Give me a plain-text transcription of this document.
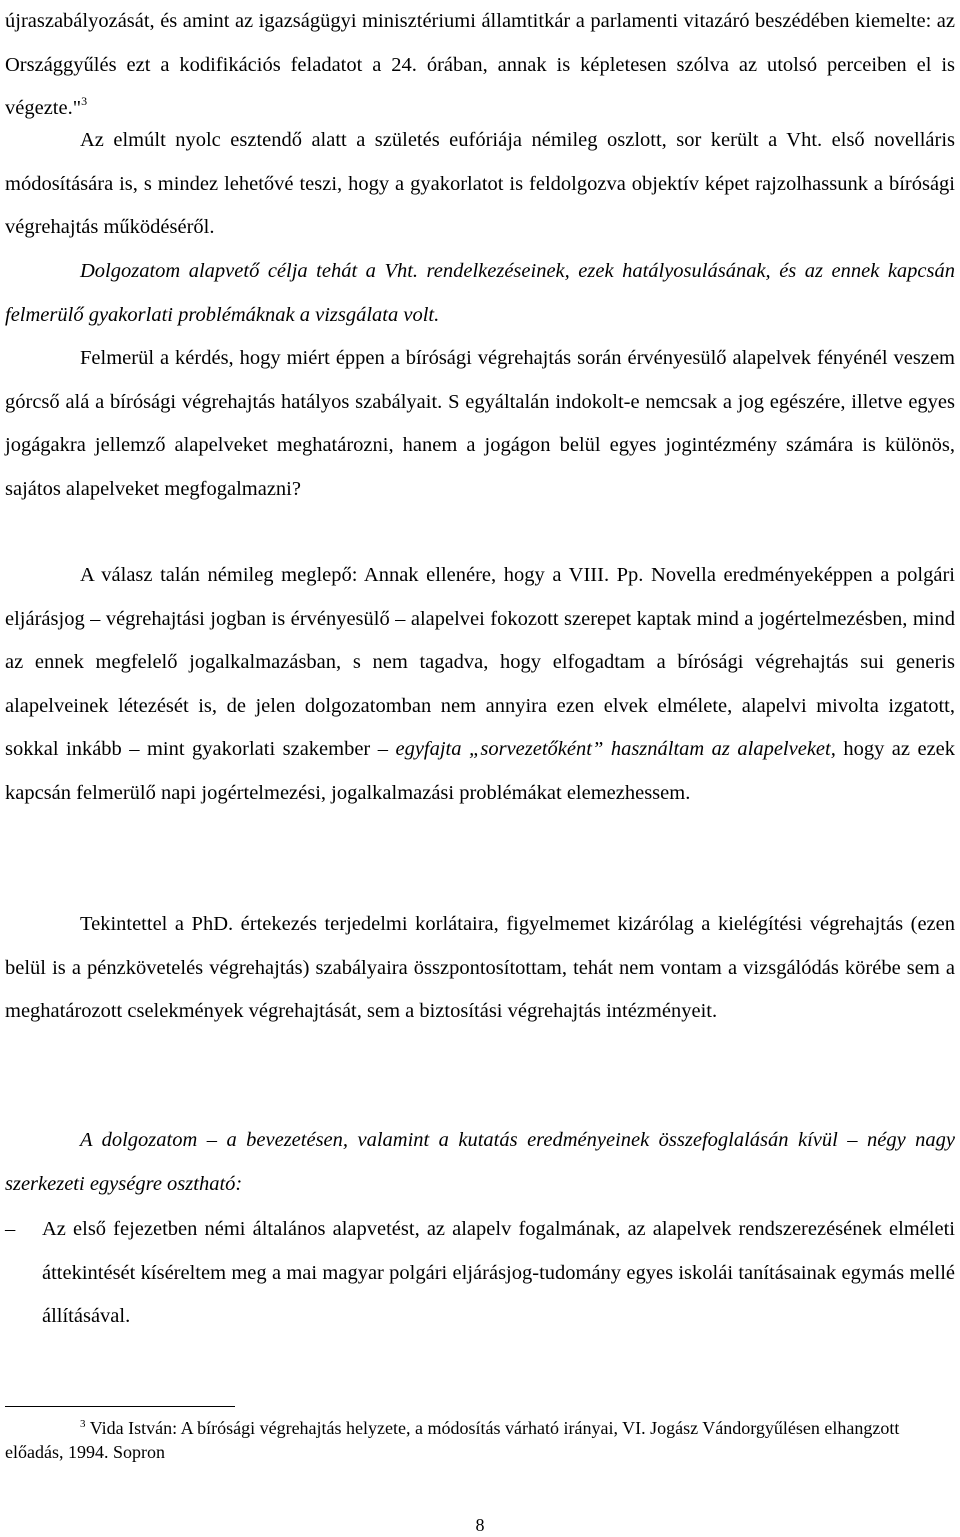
újraszabályozását, és amint az igazságügyi minisztériumi államtitkár a parlamenti vitazáró beszédében kiemelte: az Országgyűlés ezt a kodifikációs feladatot a 24. órában, annak is képletesen szólva az utolsó perceiben el is végezte."$^3$

Az elmúlt nyolc esztendő alatt a születés eufóriája némileg oszlott, sor került a Vht. első novelláris módosítására is, s mindez lehetővé teszi, hogy a gyakorlatot is feldolgozva objektív képet rajzolhassunk a bírósági végrehajtás működéséről.

Dolgozatom alapvető célja tehát a Vht. rendelkezéseinek, ezek hatályosulásának, és az ennek kapcsán felmerülő gyakorlati problémáknak a vizsgálata volt.

Felmerül a kérdés, hogy miért éppen a bírósági végrehajtás során érvényesülő alapelvek fényénél veszem górcső alá a bírósági végrehajtás hatályos szabályait. S egyáltalán indokolt-e nemcsak a jog egészére, illetve egyes jogágakra jellemző alapelveket meghatározni, hanem a jogágon belül egyes jogintézmény számára is különös, sajátos alapelveket megfogalmazni?

A válasz talán némileg meglepő: Annak ellenére, hogy a VIII. Pp. Novella eredményeképpen a polgári eljárásjog – végrehajtási jogban is érvényesülő – alapelvei fokozott szerepet kaptak mind a jogértelmezésben, mind az ennek megfelelő jogalkalmazásban, s nem tagadva, hogy elfogadtam a bírósági végrehajtás sui generis alapelveinek létezését is, de jelen dolgozatomban nem annyira ezen elvek elmélete, alapelvi mivolta izgatott, sokkal inkább – mint gyakorlati szakember – egyfajta „sorvezetőként” használtam az alapelveket, hogy az ezek kapcsán felmerülő napi jogértelmezési, jogalkalmazási problémákat elemezhessem.

Tekintettel a PhD. értekezés terjedelmi korlátaira, figyelmemet kizárólag a kielégítési végrehajtás (ezen belül is a pénzkövetelés végrehajtás) szabályaira összpontosítottam, tehát nem vontam a vizsgálódás körébe sem a meghatározott cselekmények végrehajtását, sem a biztosítási végrehajtás intézményeit.

A dolgozatom – a bevezetésen, valamint a kutatás eredményeinek összefoglalásán kívül – négy nagy szerkezeti egységre osztható:

– Az első fejezetben némi általános alapvetést, az alapelv fogalmának, az alapelvek rendszerezésének elméleti áttekintését kíséreltem meg a mai magyar polgári eljárásjog-tudomány egyes iskolái tanításainak egymás mellé állításával.

$^3$ Vida István: A bírósági végrehajtás helyzete, a módosítás várható irányai, VI. Jogász Vándorgyűlésen elhangzott előadás, 1994. Sopron

8
